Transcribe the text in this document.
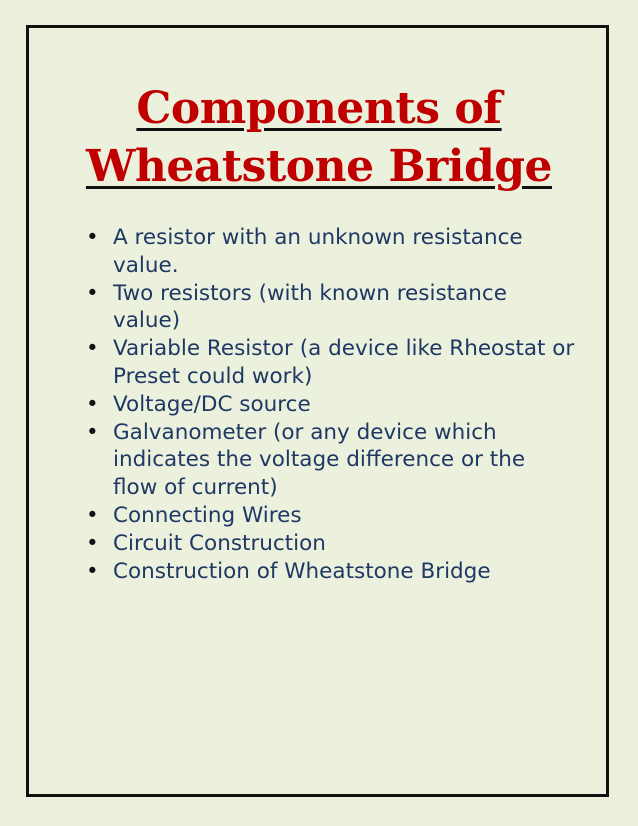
Components of
Wheatstone Bridge
• A resistor with an unknown resistance value.
• Two resistors (with known resistance value)
• Variable Resistor (a device like Rheostat or Preset could work)
• Voltage/DC source
• Galvanometer (or any device which indicates the voltage difference or the flow of current)
• Connecting Wires
• Circuit Construction
• Construction of Wheatstone Bridge
